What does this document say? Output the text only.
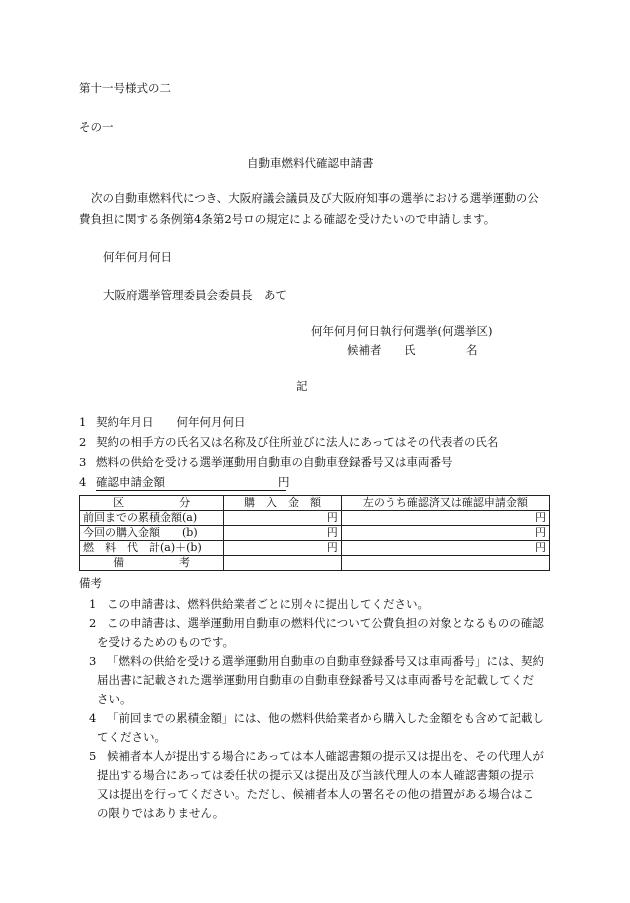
第十一号様式の二
その一
自動車燃料代確認申請書
次の自動車燃料代につき、大阪府議会議員及び大阪府知事の選挙における選挙運動の公
費負担に関する条例第4条第2号ロの規定による確認を受けたいので申請します。
何年何月何日
大阪府選挙管理委員会委員長　あて
何年何月何日執行何選挙(何選挙区)
候補者 氏	名
記
1 契約年月日　　何年何月何日
2 契約の相手方の氏名又は名称及び住所並びに法人にあってはその代表者の氏名
3 燃料の供給を受ける選挙運動用自動車の自動車登録番号又は車両番号
4 確認申請金額	円
区　　　　　分	購　入　金　額	左のうち確認済又は確認申請金額
前回までの累積金額(a)	円	円
今回の購入金額　　(b)	円	円
燃　料　代　計(a)＋(b)	円	円
備　　　　　考		
備考
1 この申請書は、燃料供給業者ごとに別々に提出してください。
2 この申請書は、選挙運動用自動車の燃料代について公費負担の対象となるものの確認
を受けるためのものです。
3 「燃料の供給を受ける選挙運動用自動車の自動車登録番号又は車両番号」には、契約
届出書に記載された選挙運動用自動車の自動車登録番号又は車両番号を記載してくだ
さい。
4 「前回までの累積金額」には、他の燃料供給業者から購入した金額をも含めて記載し
てください。
5 候補者本人が提出する場合にあっては本人確認書類の提示又は提出を、その代理人が
提出する場合にあっては委任状の提示又は提出及び当該代理人の本人確認書類の提示
又は提出を行ってください。ただし、候補者本人の署名その他の措置がある場合はこ
の限りではありません。
